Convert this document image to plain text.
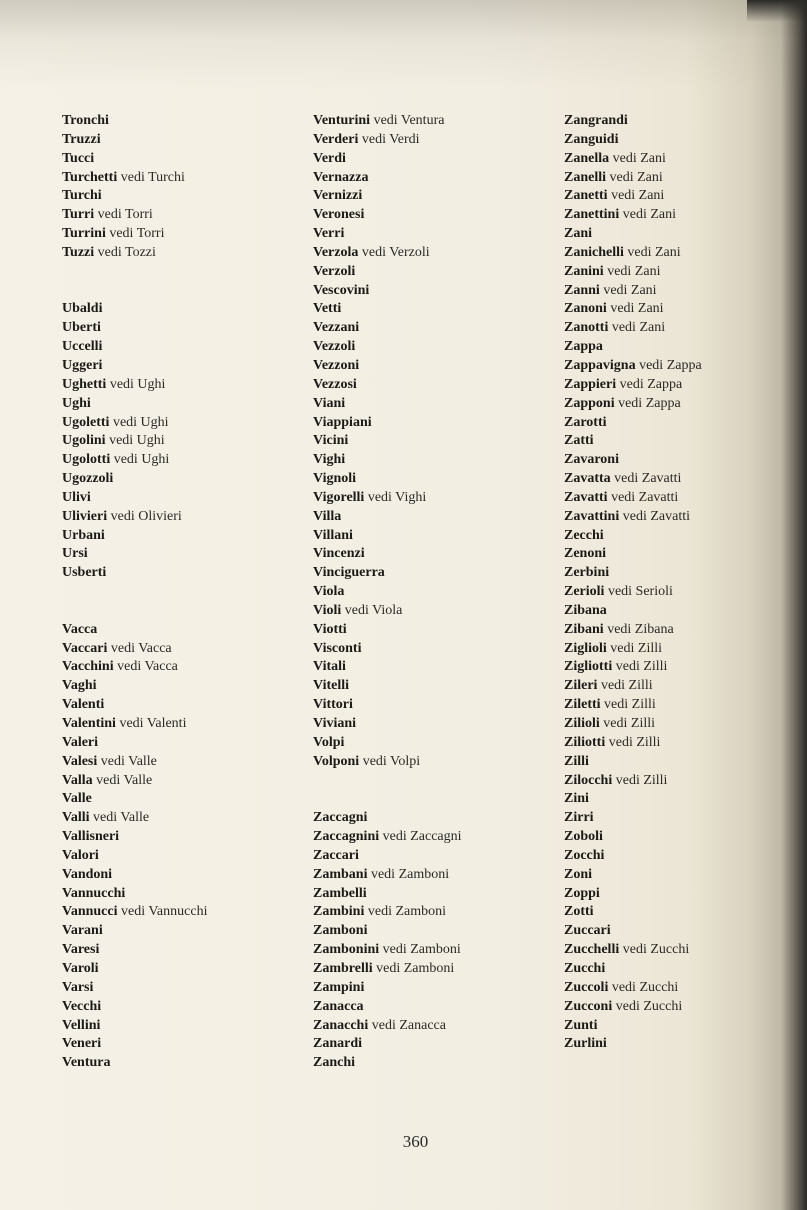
Tronchi
Truzzi
Tucci
Turchetti vedi Turchi
Turchi
Turri vedi Torri
Turrini vedi Torri
Tuzzi vedi Tozzi
Ubaldi
Uberti
Uccelli
Uggeri
Ughetti vedi Ughi
Ughi
Ugoletti vedi Ughi
Ugolini vedi Ughi
Ugolotti vedi Ughi
Ugozzoli
Ulivi
Ulivieri vedi Olivieri
Urbani
Ursi
Usberti
Vacca
Vaccari vedi Vacca
Vacchini vedi Vacca
Vaghi
Valenti
Valentini vedi Valenti
Valeri
Valesi vedi Valle
Valla vedi Valle
Valle
Valli vedi Valle
Vallisneri
Valori
Vandoni
Vannucchi
Vannucci vedi Vannucchi
Varani
Varesi
Varoli
Varsi
Vecchi
Vellini
Veneri
Ventura
Venturini vedi Ventura
Verderi vedi Verdi
Verdi
Vernazza
Vernizzi
Veronesi
Verri
Verzola vedi Verzoli
Verzoli
Vescovini
Vetti
Vezzani
Vezzoli
Vezzoni
Vezzosi
Viani
Viappiani
Vicini
Vighi
Vignoli
Vigorelli vedi Vighi
Villa
Villani
Vincenzi
Vinciguerra
Viola
Violi vedi Viola
Viotti
Visconti
Vitali
Vitelli
Vittori
Viviani
Volpi
Volponi vedi Volpi
Zaccagni
Zaccagnini vedi Zaccagni
Zaccari
Zambani vedi Zamboni
Zambelli
Zambini vedi Zamboni
Zamboni
Zambonini vedi Zamboni
Zambrelli vedi Zamboni
Zampini
Zanacca
Zanacchi vedi Zanacca
Zanardi
Zanchi
Zangrandi
Zanguidi
Zanella vedi Zani
Zanelli vedi Zani
Zanetti vedi Zani
Zanettini vedi Zani
Zani
Zanichelli vedi Zani
Zanini vedi Zani
Zanni vedi Zani
Zanoni vedi Zani
Zanotti vedi Zani
Zappa
Zappavigna vedi Zappa
Zappieri vedi Zappa
Zapponi vedi Zappa
Zarotti
Zatti
Zavaroni
Zavatta vedi Zavatti
Zavatti vedi Zavatti
Zavattini vedi Zavatti
Zecchi
Zenoni
Zerbini
Zerioli vedi Serioli
Zibana
Zibani vedi Zibana
Ziglioli vedi Zilli
Zigliotti vedi Zilli
Zileri vedi Zilli
Ziletti vedi Zilli
Zilioli vedi Zilli
Ziliotti vedi Zilli
Zilli
Zilocchi vedi Zilli
Zini
Zirri
Zoboli
Zocchi
Zoni
Zoppi
Zotti
Zuccari
Zucchelli vedi Zucchi
Zucchi
Zuccoli vedi Zucchi
Zucconi vedi Zucchi
Zunti
Zurlini
360
